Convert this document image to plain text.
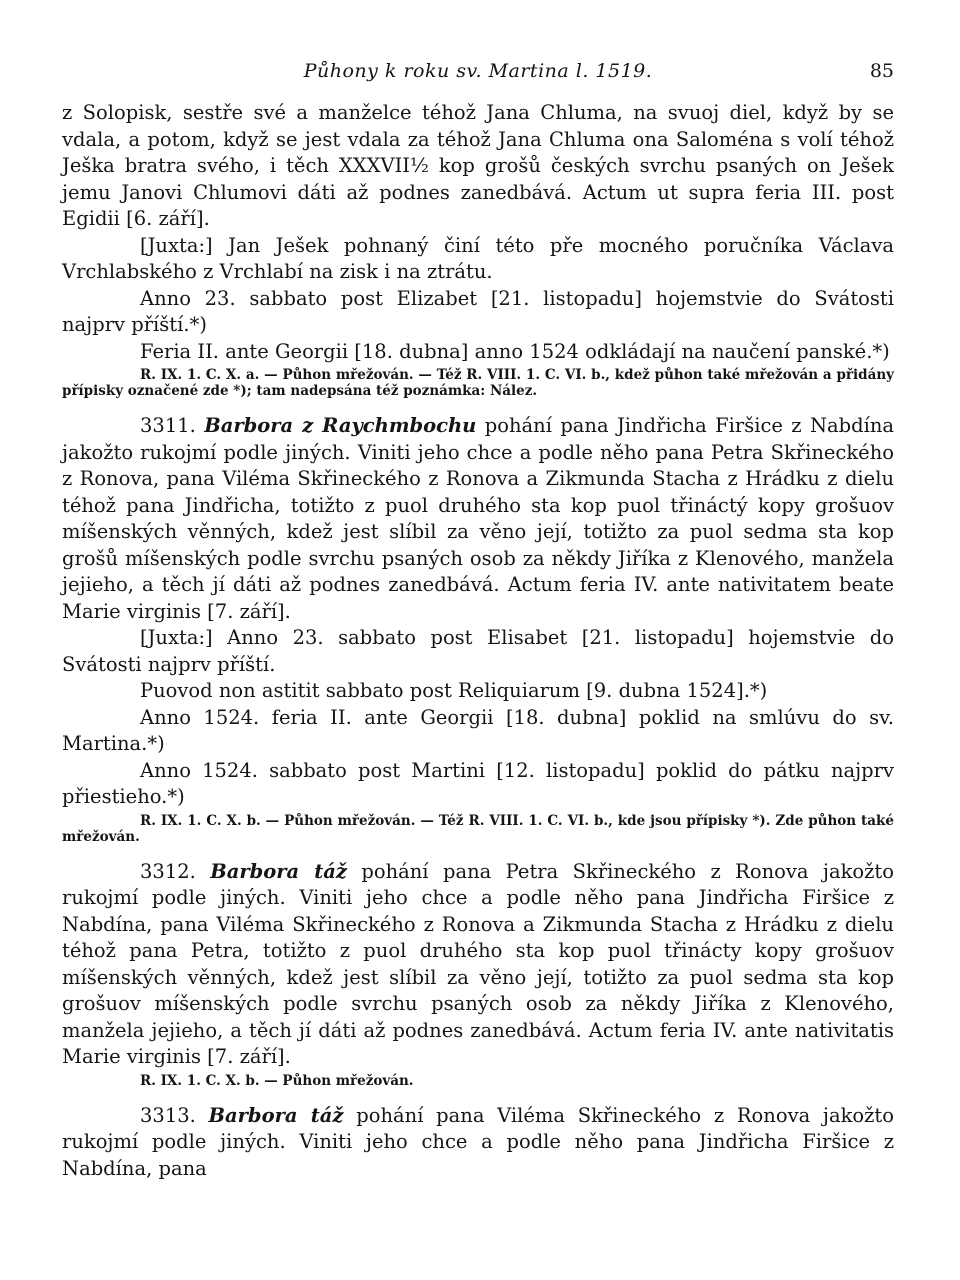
Půhony k roku sv. Martina l. 1519.	85

z Solopisk, sestře své a manželce téhož Jana Chluma, na svuoj diel, když by se vdala, a potom, když se jest vdala za téhož Jana Chluma ona Saloména s volí téhož Ješka bratra svého, i těch XXXVII½ kop grošů českých svrchu psaných on Ješek jemu Janovi Chlumovi dáti až podnes zanedbává. Actum ut supra feria III. post Egidii [6. září].

[Juxta:] Jan Ješek pohnaný činí této pře mocného poručníka Václava Vrchlabského z Vrchlabí na zisk i na ztrátu.

Anno 23. sabbato post Elizabet [21. listopadu] hojemstvie do Svátosti najprv příští.*)

Feria II. ante Georgii [18. dubna] anno 1524 odkládají na naučení panské.*)

R. IX. 1. C. X. a. — Půhon mřežován. — Též R. VIII. 1. C. VI. b., kdež půhon také mřežován a přidány přípisky označené zde *); tam nadepsána též poznámka: Nález.

3311. Barbora z Raychmbochu pohání pana Jindřicha Firšice z Nabdína jakožto rukojmí podle jiných. Viniti jeho chce a podle něho pana Petra Skřineckého z Ronova, pana Viléma Skřineckého z Ronova a Zikmunda Stacha z Hrádku z dielu téhož pana Jindřicha, totižto z puol druhého sta kop puol třináctý kopy grošuov míšenských věnných, kdež jest slíbil za věno její, totižto za puol sedma sta kop grošů míšenských podle svrchu psaných osob za někdy Jiříka z Klenového, manžela jejieho, a těch jí dáti až podnes zanedbává. Actum feria IV. ante nativitatem beate Marie virginis [7. září].

[Juxta:] Anno 23. sabbato post Elisabet [21. listopadu] hojemstvie do Svátosti najprv příští.

Puovod non astitit sabbato post Reliquiarum [9. dubna 1524].*)

Anno 1524. feria II. ante Georgii [18. dubna] poklid na smlúvu do sv. Martina.*)

Anno 1524. sabbato post Martini [12. listopadu] poklid do pátku najprv přiestieho.*)

R. IX. 1. C. X. b. — Půhon mřežován. — Též R. VIII. 1. C. VI. b., kde jsou přípisky *). Zde půhon také mřežován.

3312. Barbora táž pohání pana Petra Skřineckého z Ronova jakožto rukojmí podle jiných. Viniti jeho chce a podle něho pana Jindřicha Firšice z Nabdína, pana Viléma Skřineckého z Ronova a Zikmunda Stacha z Hrádku z dielu téhož pana Petra, totižto z puol druhého sta kop puol třinácty kopy grošuov míšenských věnných, kdež jest slíbil za věno její, totižto za puol sedma sta kop grošuov míšenských podle svrchu psaných osob za někdy Jiříka z Klenového, manžela jejieho, a těch jí dáti až podnes zanedbává. Actum feria IV. ante nativitatis Marie virginis [7. září].

R. IX. 1. C. X. b. — Půhon mřežován.

3313. Barbora táž pohání pana Viléma Skřineckého z Ronova jakožto rukojmí podle jiných. Viniti jeho chce a podle něho pana Jindřicha Firšice z Nabdína, pana
